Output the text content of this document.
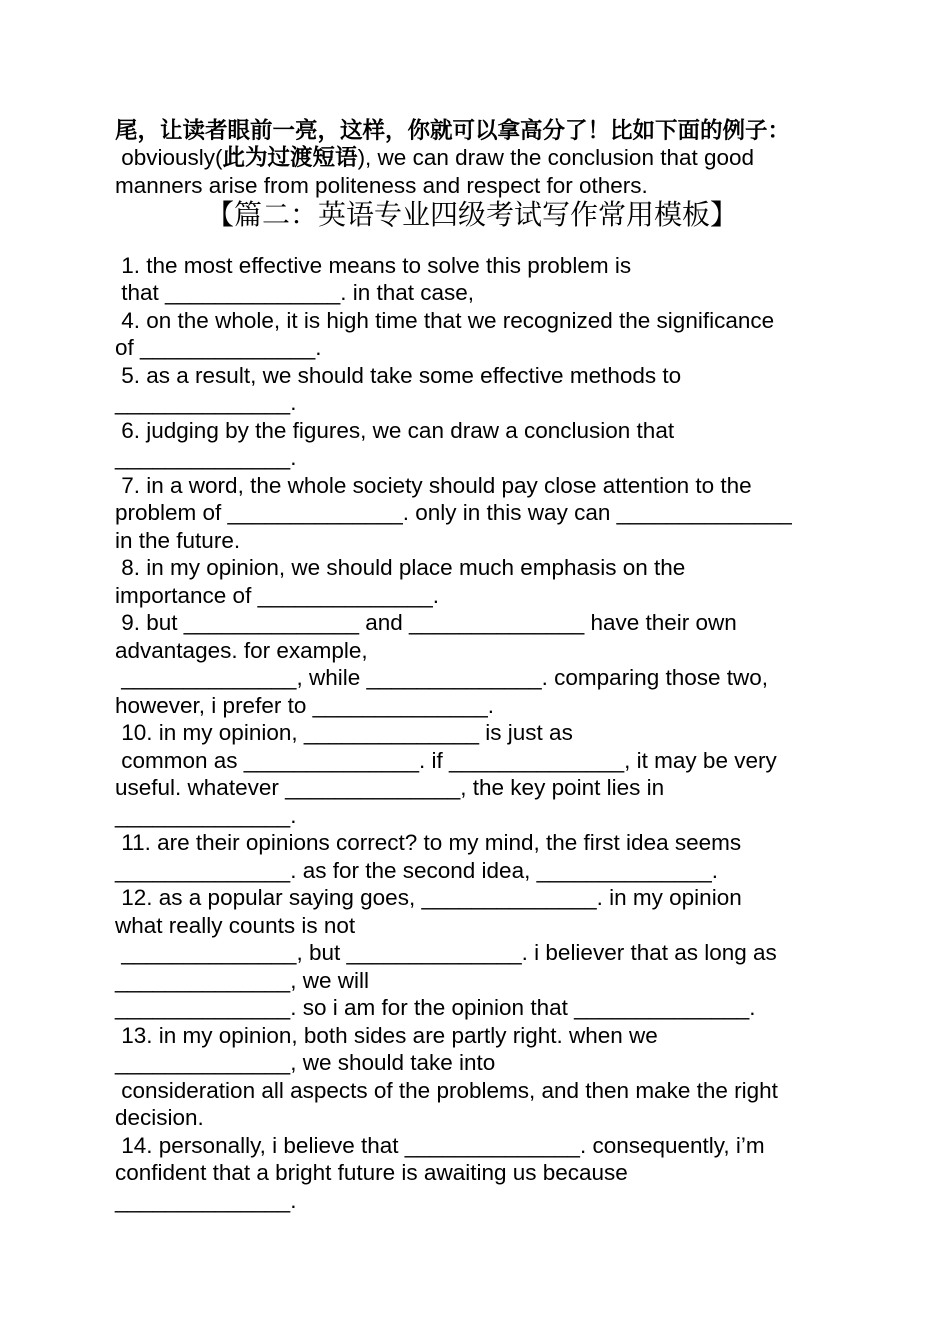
尾，让读者眼前一亮，这样，你就可以拿高分了！比如下面的例子：
obviously(此为过渡短语), we can draw the conclusion that good
manners arise from politeness and respect for others.
【篇二：英语专业四级考试写作常用模板】
1. the most effective means to solve this problem is
that ______________. in that case,
4. on the whole, it is high time that we recognized the significance
of ______________.
5. as a result, we should take some effective methods to
______________.
6. judging by the figures, we can draw a conclusion that
______________.
7. in a word, the whole society should pay close attention to the
problem of ______________. only in this way can ______________
in the future.
8. in my opinion, we should place much emphasis on the
importance of ______________.
9. but ______________ and ______________ have their own
advantages. for example,
______________, while ______________. comparing those two,
however, i prefer to ______________.
10. in my opinion, ______________ is just as
common as ______________. if ______________, it may be very
useful. whatever ______________, the key point lies in
______________.
11. are their opinions correct? to my mind, the first idea seems
______________. as for the second idea, ______________.
12. as a popular saying goes, ______________. in my opinion
what really counts is not
______________, but ______________. i believer that as long as
______________, we will
______________. so i am for the opinion that ______________.
13. in my opinion, both sides are partly right. when we
______________, we should take into
consideration all aspects of the problems, and then make the right
decision.
14. personally, i believe that ______________. consequently, i’m
confident that a bright future is awaiting us because
______________.
